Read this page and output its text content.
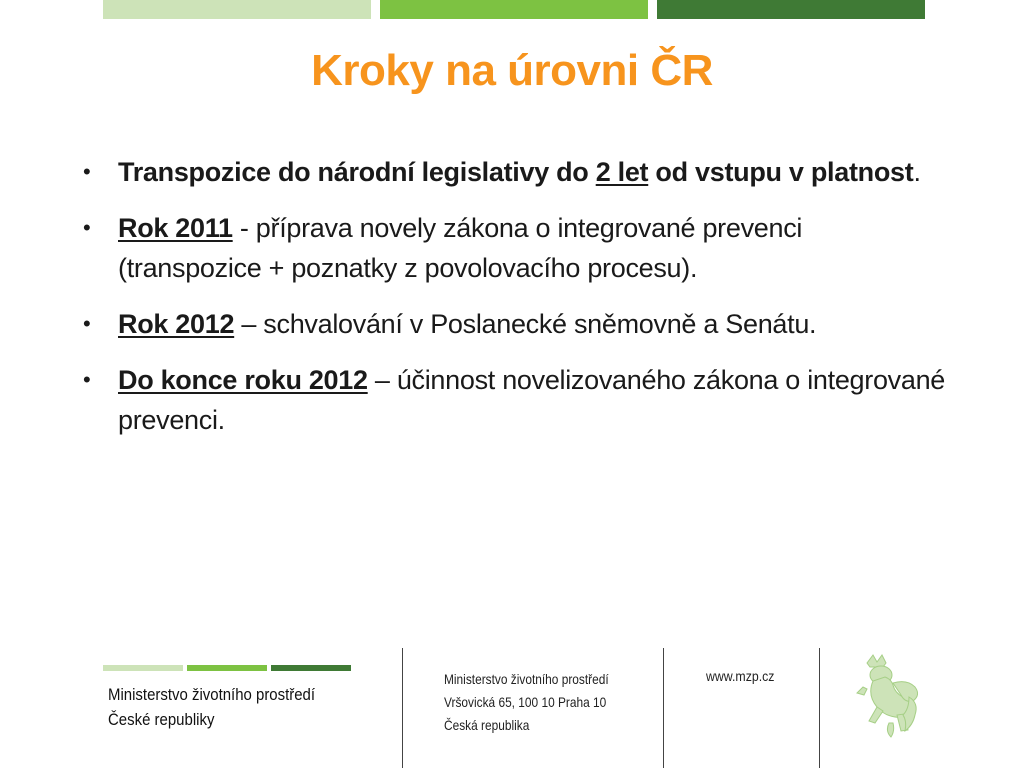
Kroky na úrovni ČR
• Transpozice do národní legislativy do 2 let od vstupu v platnost.
• Rok 2011 - příprava novely zákona o integrované prevenci (transpozice + poznatky z povolovacího procesu).
• Rok 2012 – schvalování v Poslanecké sněmovně a Senátu.
• Do konce roku 2012 – účinnost novelizovaného zákona o integrované prevenci.
Ministerstvo životního prostředí
České republiky
Ministerstvo životního prostředí
Vršovická 65, 100 10 Praha 10
Česká republika
www.mzp.cz
